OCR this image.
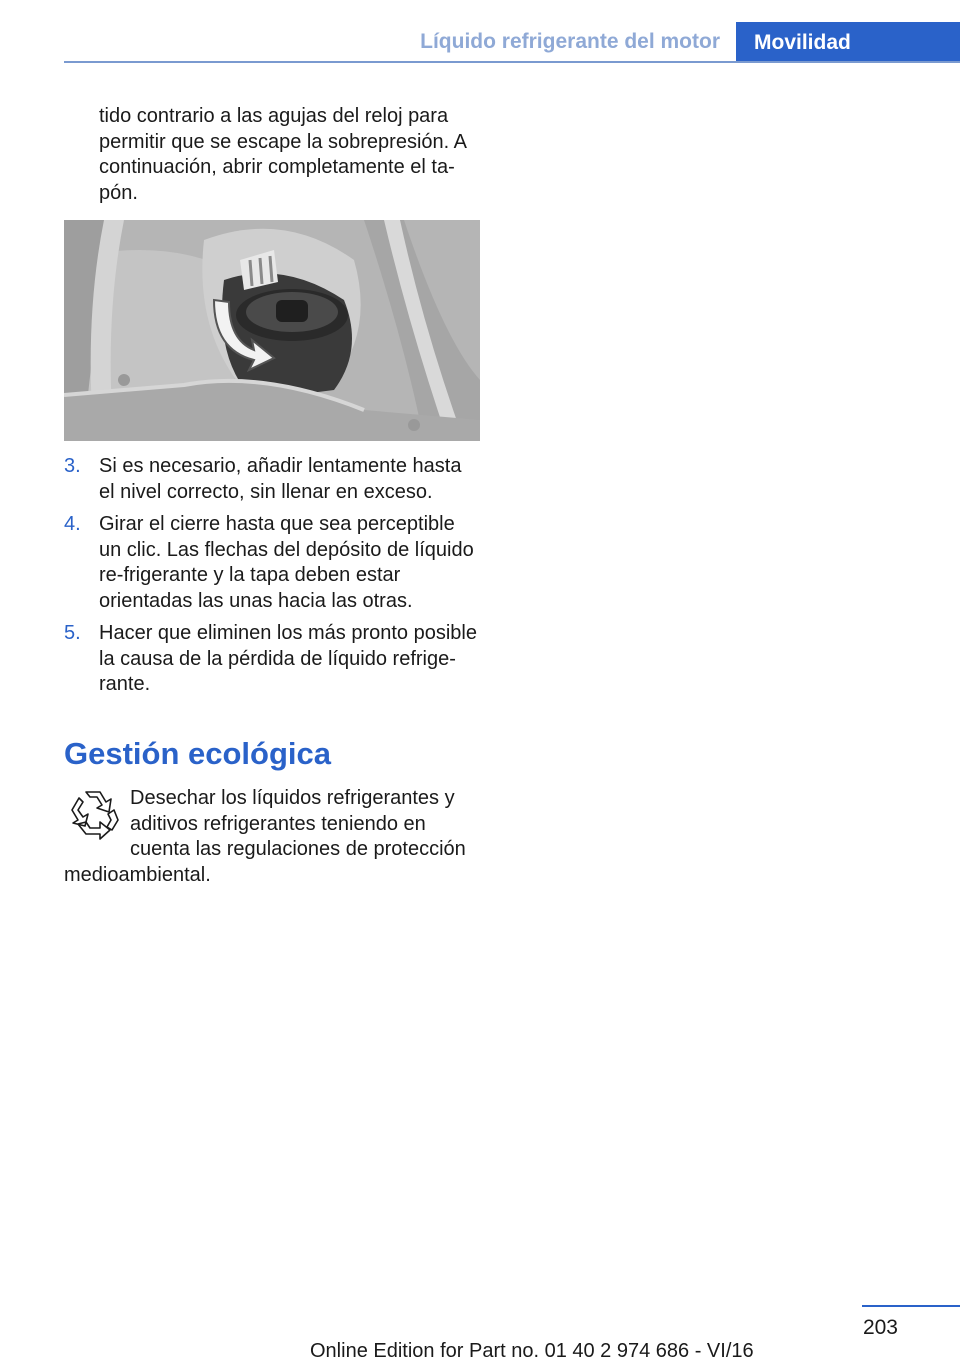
Líquido refrigerante del motor	Movilidad

tido contrario a las agujas del reloj para permitir que se escape la sobrepresión. A continuación, abrir completamente el ta-pón.

3. Si es necesario, añadir lentamente hasta el nivel correcto, sin llenar en exceso.
4. Girar el cierre hasta que sea perceptible un clic. Las flechas del depósito de líquido re-frigerante y la tapa deben estar orientadas las unas hacia las otras.
5. Hacer que eliminen los más pronto posible la causa de la pérdida de líquido refrige-rante.
Gestión ecológica

Desechar los líquidos refrigerantes y aditivos refrigerantes teniendo en cuenta las regulaciones de protección medioambiental.

203
Online Edition for Part no. 01 40 2 974 686 - VI/16
